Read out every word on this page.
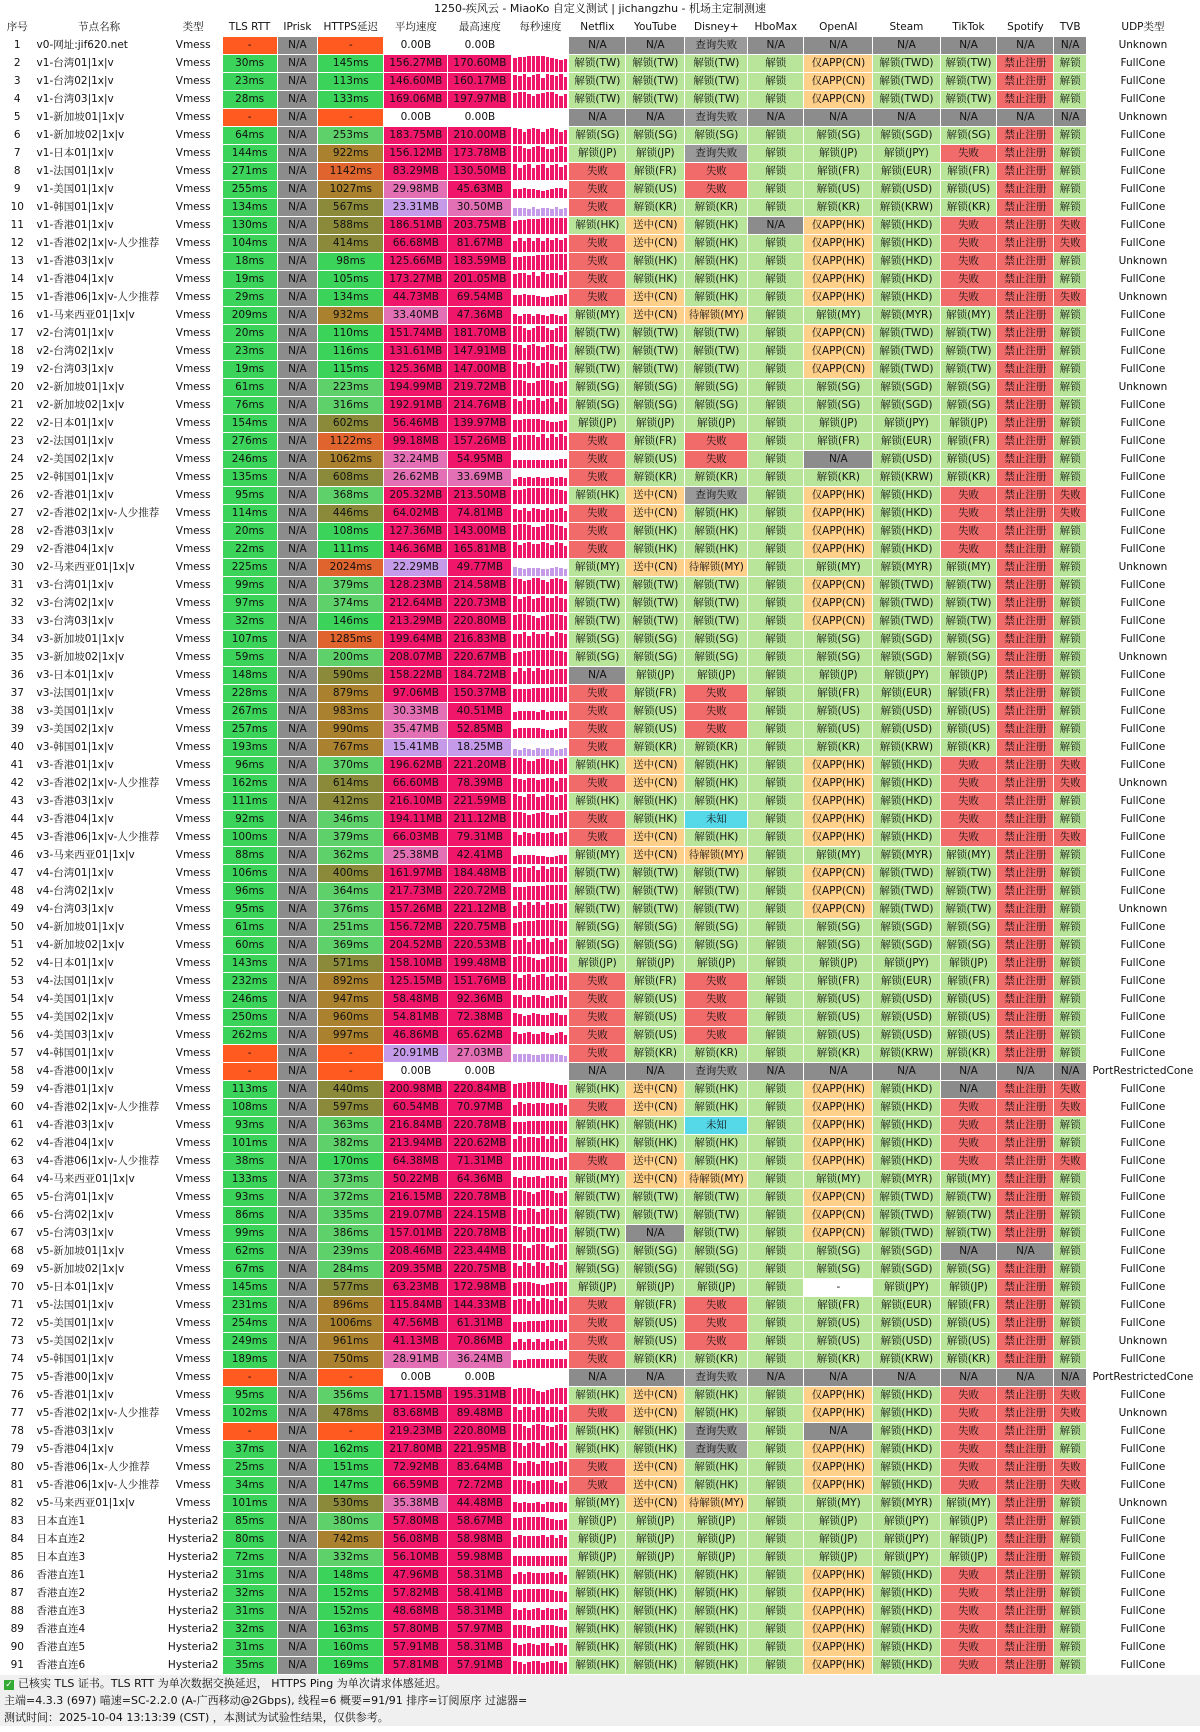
1250-疾风云 - MiaoKo 自定义测试 | jichangzhu - 机场主定制测速
序号	节点名称	类型	TLS RTT	IPrisk	HTTPS延迟	平均速度	最高速度	每秒速度	Netflix	YouTube	Disney+	HboMax	OpenAI	Steam	TikTok	Spotify	TVB	UDP类型
1	v0-网址:jif620.net	Vmess	-	N/A	-	0.00B	0.00B		N/A	N/A	查询失败	N/A	N/A	N/A	N/A	N/A	N/A	Unknown
2	v1-台湾01|1x|v	Vmess	30ms	N/A	145ms	156.27MB	170.60MB		解锁(TW)	解锁(TW)	解锁(TW)	解锁	仅APP(CN)	解锁(TWD)	解锁(TW)	禁止注册	解锁	FullCone
3	v1-台湾02|1x|v	Vmess	23ms	N/A	113ms	146.60MB	160.17MB		解锁(TW)	解锁(TW)	解锁(TW)	解锁	仅APP(CN)	解锁(TWD)	解锁(TW)	禁止注册	解锁	FullCone
4	v1-台湾03|1x|v	Vmess	28ms	N/A	133ms	169.06MB	197.97MB		解锁(TW)	解锁(TW)	解锁(TW)	解锁	仅APP(CN)	解锁(TWD)	解锁(TW)	禁止注册	解锁	FullCone
5	v1-新加坡01|1x|v	Vmess	-	N/A	-	0.00B	0.00B		N/A	N/A	查询失败	N/A	N/A	N/A	N/A	N/A	N/A	Unknown
6	v1-新加坡02|1x|v	Vmess	64ms	N/A	253ms	183.75MB	210.00MB		解锁(SG)	解锁(SG)	解锁(SG)	解锁	解锁(SG)	解锁(SGD)	解锁(SG)	禁止注册	解锁	FullCone
7	v1-日本01|1x|v	Vmess	144ms	N/A	922ms	156.12MB	173.78MB		解锁(JP)	解锁(JP)	查询失败	解锁	解锁(JP)	解锁(JPY)	失败	禁止注册	解锁	FullCone
8	v1-法国01|1x|v	Vmess	271ms	N/A	1142ms	83.29MB	130.50MB		失败	解锁(FR)	失败	解锁	解锁(FR)	解锁(EUR)	解锁(FR)	禁止注册	解锁	FullCone
9	v1-美国01|1x|v	Vmess	255ms	N/A	1027ms	29.98MB	45.63MB		失败	解锁(US)	失败	解锁	解锁(US)	解锁(USD)	解锁(US)	禁止注册	解锁	FullCone
10	v1-韩国01|1x|v	Vmess	134ms	N/A	567ms	23.31MB	30.50MB		失败	解锁(KR)	解锁(KR)	解锁	解锁(KR)	解锁(KRW)	解锁(KR)	禁止注册	解锁	FullCone
11	v1-香港01|1x|v	Vmess	130ms	N/A	588ms	186.51MB	203.75MB		解锁(HK)	送中(CN)	解锁(HK)	N/A	仅APP(HK)	解锁(HKD)	失败	禁止注册	失败	FullCone
12	v1-香港02|1x|v-人少推荐	Vmess	104ms	N/A	414ms	66.68MB	81.67MB		失败	送中(CN)	解锁(HK)	解锁	仅APP(HK)	解锁(HKD)	失败	禁止注册	失败	FullCone
13	v1-香港03|1x|v	Vmess	18ms	N/A	98ms	125.66MB	183.59MB		失败	解锁(HK)	解锁(HK)	解锁	仅APP(HK)	解锁(HKD)	失败	禁止注册	解锁	Unknown
14	v1-香港04|1x|v	Vmess	19ms	N/A	105ms	173.27MB	201.05MB		失败	解锁(HK)	解锁(HK)	解锁	仅APP(HK)	解锁(HKD)	失败	禁止注册	解锁	FullCone
15	v1-香港06|1x|v-人少推荐	Vmess	29ms	N/A	134ms	44.73MB	69.54MB		失败	送中(CN)	解锁(HK)	解锁	仅APP(HK)	解锁(HKD)	失败	禁止注册	失败	Unknown
16	v1-马来西亚01|1x|v	Vmess	209ms	N/A	932ms	33.40MB	47.36MB		解锁(MY)	送中(CN)	待解锁(MY)	解锁	解锁(MY)	解锁(MYR)	解锁(MY)	禁止注册	解锁	FullCone
17	v2-台湾01|1x|v	Vmess	20ms	N/A	110ms	151.74MB	181.70MB		解锁(TW)	解锁(TW)	解锁(TW)	解锁	仅APP(CN)	解锁(TWD)	解锁(TW)	禁止注册	解锁	FullCone
18	v2-台湾02|1x|v	Vmess	23ms	N/A	116ms	131.61MB	147.91MB		解锁(TW)	解锁(TW)	解锁(TW)	解锁	仅APP(CN)	解锁(TWD)	解锁(TW)	禁止注册	解锁	FullCone
19	v2-台湾03|1x|v	Vmess	19ms	N/A	115ms	125.36MB	147.00MB		解锁(TW)	解锁(TW)	解锁(TW)	解锁	仅APP(CN)	解锁(TWD)	解锁(TW)	禁止注册	解锁	FullCone
20	v2-新加坡01|1x|v	Vmess	61ms	N/A	223ms	194.99MB	219.72MB		解锁(SG)	解锁(SG)	解锁(SG)	解锁	解锁(SG)	解锁(SGD)	解锁(SG)	禁止注册	解锁	Unknown
21	v2-新加坡02|1x|v	Vmess	76ms	N/A	316ms	192.91MB	214.76MB		解锁(SG)	解锁(SG)	解锁(SG)	解锁	解锁(SG)	解锁(SGD)	解锁(SG)	禁止注册	解锁	FullCone
22	v2-日本01|1x|v	Vmess	154ms	N/A	602ms	56.46MB	139.97MB		解锁(JP)	解锁(JP)	解锁(JP)	解锁	解锁(JP)	解锁(JPY)	解锁(JP)	禁止注册	解锁	FullCone
23	v2-法国01|1x|v	Vmess	276ms	N/A	1122ms	99.18MB	157.26MB		失败	解锁(FR)	失败	解锁	解锁(FR)	解锁(EUR)	解锁(FR)	禁止注册	解锁	FullCone
24	v2-美国02|1x|v	Vmess	246ms	N/A	1062ms	32.24MB	54.95MB		失败	解锁(US)	失败	解锁	N/A	解锁(USD)	解锁(US)	禁止注册	解锁	FullCone
25	v2-韩国01|1x|v	Vmess	135ms	N/A	608ms	26.62MB	33.69MB		失败	解锁(KR)	解锁(KR)	解锁	解锁(KR)	解锁(KRW)	解锁(KR)	禁止注册	解锁	FullCone
26	v2-香港01|1x|v	Vmess	95ms	N/A	368ms	205.32MB	213.50MB		解锁(HK)	送中(CN)	查询失败	解锁	仅APP(HK)	解锁(HKD)	失败	禁止注册	失败	FullCone
27	v2-香港02|1x|v-人少推荐	Vmess	114ms	N/A	446ms	64.02MB	74.81MB		失败	送中(CN)	解锁(HK)	解锁	仅APP(HK)	解锁(HKD)	失败	禁止注册	失败	FullCone
28	v2-香港03|1x|v	Vmess	20ms	N/A	108ms	127.36MB	143.00MB		失败	解锁(HK)	解锁(HK)	解锁	仅APP(HK)	解锁(HKD)	失败	禁止注册	解锁	FullCone
29	v2-香港04|1x|v	Vmess	22ms	N/A	111ms	146.36MB	165.81MB		失败	解锁(HK)	解锁(HK)	解锁	仅APP(HK)	解锁(HKD)	失败	禁止注册	解锁	FullCone
30	v2-马来西亚01|1x|v	Vmess	225ms	N/A	2024ms	22.29MB	49.77MB		解锁(MY)	送中(CN)	待解锁(MY)	解锁	解锁(MY)	解锁(MYR)	解锁(MY)	禁止注册	解锁	Unknown
31	v3-台湾01|1x|v	Vmess	99ms	N/A	379ms	128.23MB	214.58MB		解锁(TW)	解锁(TW)	解锁(TW)	解锁	仅APP(CN)	解锁(TWD)	解锁(TW)	禁止注册	解锁	FullCone
32	v3-台湾02|1x|v	Vmess	97ms	N/A	374ms	212.64MB	220.73MB		解锁(TW)	解锁(TW)	解锁(TW)	解锁	仅APP(CN)	解锁(TWD)	解锁(TW)	禁止注册	解锁	FullCone
33	v3-台湾03|1x|v	Vmess	32ms	N/A	146ms	213.29MB	220.80MB		解锁(TW)	解锁(TW)	解锁(TW)	解锁	仅APP(CN)	解锁(TWD)	解锁(TW)	禁止注册	解锁	FullCone
34	v3-新加坡01|1x|v	Vmess	107ms	N/A	1285ms	199.64MB	216.83MB		解锁(SG)	解锁(SG)	解锁(SG)	解锁	解锁(SG)	解锁(SGD)	解锁(SG)	禁止注册	解锁	FullCone
35	v3-新加坡02|1x|v	Vmess	59ms	N/A	200ms	208.07MB	220.67MB		解锁(SG)	解锁(SG)	解锁(SG)	解锁	解锁(SG)	解锁(SGD)	解锁(SG)	禁止注册	解锁	Unknown
36	v3-日本01|1x|v	Vmess	148ms	N/A	590ms	158.22MB	184.72MB		N/A	解锁(JP)	解锁(JP)	解锁	解锁(JP)	解锁(JPY)	解锁(JP)	禁止注册	解锁	FullCone
37	v3-法国01|1x|v	Vmess	228ms	N/A	879ms	97.06MB	150.37MB		失败	解锁(FR)	失败	解锁	解锁(FR)	解锁(EUR)	解锁(FR)	禁止注册	解锁	FullCone
38	v3-美国01|1x|v	Vmess	267ms	N/A	983ms	30.33MB	40.51MB		失败	解锁(US)	失败	解锁	解锁(US)	解锁(USD)	解锁(US)	禁止注册	解锁	FullCone
39	v3-美国02|1x|v	Vmess	257ms	N/A	990ms	35.47MB	52.85MB		失败	解锁(US)	失败	解锁	解锁(US)	解锁(USD)	解锁(US)	禁止注册	解锁	FullCone
40	v3-韩国01|1x|v	Vmess	193ms	N/A	767ms	15.41MB	18.25MB		失败	解锁(KR)	解锁(KR)	解锁	解锁(KR)	解锁(KRW)	解锁(KR)	禁止注册	解锁	FullCone
41	v3-香港01|1x|v	Vmess	96ms	N/A	370ms	196.62MB	221.20MB		解锁(HK)	送中(CN)	解锁(HK)	解锁	仅APP(HK)	解锁(HKD)	失败	禁止注册	失败	FullCone
42	v3-香港02|1x|v-人少推荐	Vmess	162ms	N/A	614ms	66.60MB	78.39MB		失败	送中(CN)	解锁(HK)	解锁	仅APP(HK)	解锁(HKD)	失败	禁止注册	失败	Unknown
43	v3-香港03|1x|v	Vmess	111ms	N/A	412ms	216.10MB	221.59MB		解锁(HK)	解锁(HK)	解锁(HK)	解锁	仅APP(HK)	解锁(HKD)	失败	禁止注册	解锁	FullCone
44	v3-香港04|1x|v	Vmess	92ms	N/A	346ms	194.11MB	211.12MB		失败	解锁(HK)	未知	解锁	仅APP(HK)	解锁(HKD)	失败	禁止注册	解锁	FullCone
45	v3-香港06|1x|v-人少推荐	Vmess	100ms	N/A	379ms	66.03MB	79.31MB		失败	送中(CN)	解锁(HK)	解锁	仅APP(HK)	解锁(HKD)	失败	禁止注册	失败	FullCone
46	v3-马来西亚01|1x|v	Vmess	88ms	N/A	362ms	25.38MB	42.41MB		解锁(MY)	送中(CN)	待解锁(MY)	解锁	解锁(MY)	解锁(MYR)	解锁(MY)	禁止注册	解锁	FullCone
47	v4-台湾01|1x|v	Vmess	106ms	N/A	400ms	161.97MB	184.48MB		解锁(TW)	解锁(TW)	解锁(TW)	解锁	仅APP(CN)	解锁(TWD)	解锁(TW)	禁止注册	解锁	FullCone
48	v4-台湾02|1x|v	Vmess	96ms	N/A	364ms	217.73MB	220.72MB		解锁(TW)	解锁(TW)	解锁(TW)	解锁	仅APP(CN)	解锁(TWD)	解锁(TW)	禁止注册	解锁	FullCone
49	v4-台湾03|1x|v	Vmess	95ms	N/A	376ms	157.26MB	221.12MB		解锁(TW)	解锁(TW)	解锁(TW)	解锁	仅APP(CN)	解锁(TWD)	解锁(TW)	禁止注册	解锁	Unknown
50	v4-新加坡01|1x|v	Vmess	61ms	N/A	251ms	156.72MB	220.75MB		解锁(SG)	解锁(SG)	解锁(SG)	解锁	解锁(SG)	解锁(SGD)	解锁(SG)	禁止注册	解锁	FullCone
51	v4-新加坡02|1x|v	Vmess	60ms	N/A	369ms	204.52MB	220.53MB		解锁(SG)	解锁(SG)	解锁(SG)	解锁	解锁(SG)	解锁(SGD)	解锁(SG)	禁止注册	解锁	FullCone
52	v4-日本01|1x|v	Vmess	143ms	N/A	571ms	158.10MB	199.48MB		解锁(JP)	解锁(JP)	解锁(JP)	解锁	解锁(JP)	解锁(JPY)	解锁(JP)	禁止注册	解锁	FullCone
53	v4-法国01|1x|v	Vmess	232ms	N/A	892ms	125.15MB	151.76MB		失败	解锁(FR)	失败	解锁	解锁(FR)	解锁(EUR)	解锁(FR)	禁止注册	解锁	FullCone
54	v4-美国01|1x|v	Vmess	246ms	N/A	947ms	58.48MB	92.36MB		失败	解锁(US)	失败	解锁	解锁(US)	解锁(USD)	解锁(US)	禁止注册	解锁	FullCone
55	v4-美国02|1x|v	Vmess	250ms	N/A	960ms	54.81MB	72.38MB		失败	解锁(US)	失败	解锁	解锁(US)	解锁(USD)	解锁(US)	禁止注册	解锁	FullCone
56	v4-美国03|1x|v	Vmess	262ms	N/A	997ms	46.86MB	65.62MB		失败	解锁(US)	失败	解锁	解锁(US)	解锁(USD)	解锁(US)	禁止注册	解锁	FullCone
57	v4-韩国01|1x|v	Vmess	-	N/A	-	20.91MB	27.03MB		失败	解锁(KR)	解锁(KR)	解锁	解锁(KR)	解锁(KRW)	解锁(KR)	禁止注册	解锁	FullCone
58	v4-香港00|1x|v	Vmess	-	N/A	-	0.00B	0.00B		N/A	N/A	查询失败	N/A	N/A	N/A	N/A	N/A	N/A	PortRestrictedCone
59	v4-香港01|1x|v	Vmess	113ms	N/A	440ms	200.98MB	220.84MB		解锁(HK)	送中(CN)	解锁(HK)	解锁	仅APP(HK)	解锁(HKD)	N/A	禁止注册	失败	FullCone
60	v4-香港02|1x|v-人少推荐	Vmess	108ms	N/A	597ms	60.54MB	70.97MB		失败	送中(CN)	解锁(HK)	解锁	仅APP(HK)	解锁(HKD)	失败	禁止注册	失败	FullCone
61	v4-香港03|1x|v	Vmess	93ms	N/A	363ms	216.84MB	220.78MB		解锁(HK)	解锁(HK)	未知	解锁	仅APP(HK)	解锁(HKD)	失败	禁止注册	解锁	FullCone
62	v4-香港04|1x|v	Vmess	101ms	N/A	382ms	213.94MB	220.62MB		解锁(HK)	解锁(HK)	解锁(HK)	解锁	仅APP(HK)	解锁(HKD)	失败	禁止注册	解锁	FullCone
63	v4-香港06|1x|v-人少推荐	Vmess	38ms	N/A	170ms	64.38MB	71.31MB		失败	送中(CN)	解锁(HK)	解锁	仅APP(HK)	解锁(HKD)	失败	禁止注册	失败	FullCone
64	v4-马来西亚01|1x|v	Vmess	133ms	N/A	373ms	50.22MB	64.36MB		解锁(MY)	送中(CN)	待解锁(MY)	解锁	解锁(MY)	解锁(MYR)	解锁(MY)	禁止注册	解锁	FullCone
65	v5-台湾01|1x|v	Vmess	93ms	N/A	372ms	216.15MB	220.78MB		解锁(TW)	解锁(TW)	解锁(TW)	解锁	仅APP(CN)	解锁(TWD)	解锁(TW)	禁止注册	解锁	FullCone
66	v5-台湾02|1x|v	Vmess	86ms	N/A	335ms	219.07MB	224.15MB		解锁(TW)	解锁(TW)	解锁(TW)	解锁	仅APP(CN)	解锁(TWD)	解锁(TW)	禁止注册	解锁	FullCone
67	v5-台湾03|1x|v	Vmess	99ms	N/A	386ms	157.01MB	220.78MB		解锁(TW)	N/A	解锁(TW)	解锁	仅APP(CN)	解锁(TWD)	解锁(TW)	禁止注册	解锁	FullCone
68	v5-新加坡01|1x|v	Vmess	62ms	N/A	239ms	208.46MB	223.44MB		解锁(SG)	解锁(SG)	解锁(SG)	解锁	解锁(SG)	解锁(SGD)	N/A	N/A	解锁	FullCone
69	v5-新加坡02|1x|v	Vmess	67ms	N/A	284ms	209.35MB	220.75MB		解锁(SG)	解锁(SG)	解锁(SG)	解锁	解锁(SG)	解锁(SGD)	解锁(SG)	禁止注册	解锁	FullCone
70	v5-日本01|1x|v	Vmess	145ms	N/A	577ms	63.23MB	172.98MB		解锁(JP)	解锁(JP)	解锁(JP)	解锁	-	解锁(JPY)	解锁(JP)	禁止注册	解锁	FullCone
71	v5-法国01|1x|v	Vmess	231ms	N/A	896ms	115.84MB	144.33MB		失败	解锁(FR)	失败	解锁	解锁(FR)	解锁(EUR)	解锁(FR)	禁止注册	解锁	FullCone
72	v5-美国01|1x|v	Vmess	254ms	N/A	1006ms	47.56MB	61.31MB		失败	解锁(US)	失败	解锁	解锁(US)	解锁(USD)	解锁(US)	禁止注册	解锁	FullCone
73	v5-美国02|1x|v	Vmess	249ms	N/A	961ms	41.13MB	70.86MB		失败	解锁(US)	失败	解锁	解锁(US)	解锁(USD)	解锁(US)	禁止注册	解锁	Unknown
74	v5-韩国01|1x|v	Vmess	189ms	N/A	750ms	28.91MB	36.24MB		失败	解锁(KR)	解锁(KR)	解锁	解锁(KR)	解锁(KRW)	解锁(KR)	禁止注册	解锁	FullCone
75	v5-香港00|1x|v	Vmess	-	N/A	-	0.00B	0.00B		N/A	N/A	查询失败	N/A	N/A	N/A	N/A	N/A	N/A	PortRestrictedCone
76	v5-香港01|1x|v	Vmess	95ms	N/A	356ms	171.15MB	195.31MB		解锁(HK)	送中(CN)	解锁(HK)	解锁	仅APP(HK)	解锁(HKD)	失败	禁止注册	失败	FullCone
77	v5-香港02|1x|v-人少推荐	Vmess	102ms	N/A	478ms	83.68MB	89.48MB		失败	送中(CN)	解锁(HK)	解锁	仅APP(HK)	解锁(HKD)	失败	禁止注册	失败	Unknown
78	v5-香港03|1x|v	Vmess	-	N/A	-	219.23MB	220.80MB		解锁(HK)	解锁(HK)	查询失败	解锁	N/A	解锁(HKD)	失败	禁止注册	解锁	FullCone
79	v5-香港04|1x|v	Vmess	37ms	N/A	162ms	217.80MB	221.95MB		解锁(HK)	解锁(HK)	查询失败	解锁	仅APP(HK)	解锁(HKD)	失败	禁止注册	解锁	FullCone
80	v5-香港06|1x-人少推荐	Vmess	25ms	N/A	151ms	72.92MB	83.64MB		失败	送中(CN)	解锁(HK)	解锁	仅APP(HK)	解锁(HKD)	失败	禁止注册	失败	FullCone
81	v5-香港06|1x|v-人少推荐	Vmess	34ms	N/A	147ms	66.59MB	72.72MB		失败	送中(CN)	解锁(HK)	解锁	仅APP(HK)	解锁(HKD)	失败	禁止注册	失败	FullCone
82	v5-马来西亚01|1x|v	Vmess	101ms	N/A	530ms	35.38MB	44.48MB		解锁(MY)	送中(CN)	待解锁(MY)	解锁	解锁(MY)	解锁(MYR)	解锁(MY)	禁止注册	解锁	Unknown
83	日本直连1	Hysteria2	85ms	N/A	380ms	57.80MB	58.67MB		解锁(JP)	解锁(JP)	解锁(JP)	解锁	解锁(JP)	解锁(JPY)	解锁(JP)	禁止注册	解锁	FullCone
84	日本直连2	Hysteria2	80ms	N/A	742ms	56.08MB	58.98MB		解锁(JP)	解锁(JP)	解锁(JP)	解锁	解锁(JP)	解锁(JPY)	解锁(JP)	禁止注册	解锁	FullCone
85	日本直连3	Hysteria2	72ms	N/A	332ms	56.10MB	59.98MB		解锁(JP)	解锁(JP)	解锁(JP)	解锁	解锁(JP)	解锁(JPY)	解锁(JP)	禁止注册	解锁	FullCone
86	香港直连1	Hysteria2	31ms	N/A	148ms	47.96MB	58.31MB		解锁(HK)	解锁(HK)	解锁(HK)	解锁	仅APP(HK)	解锁(HKD)	失败	禁止注册	解锁	FullCone
87	香港直连2	Hysteria2	32ms	N/A	152ms	57.82MB	58.41MB		解锁(HK)	解锁(HK)	解锁(HK)	解锁	仅APP(HK)	解锁(HKD)	失败	禁止注册	解锁	FullCone
88	香港直连3	Hysteria2	31ms	N/A	152ms	48.68MB	58.31MB		解锁(HK)	解锁(HK)	解锁(HK)	解锁	仅APP(HK)	解锁(HKD)	失败	禁止注册	解锁	FullCone
89	香港直连4	Hysteria2	32ms	N/A	163ms	57.80MB	57.97MB		解锁(HK)	解锁(HK)	解锁(HK)	解锁	仅APP(HK)	解锁(HKD)	失败	禁止注册	解锁	FullCone
90	香港直连5	Hysteria2	31ms	N/A	160ms	57.91MB	58.31MB		解锁(HK)	解锁(HK)	解锁(HK)	解锁	仅APP(HK)	解锁(HKD)	失败	禁止注册	解锁	FullCone
91	香港直连6	Hysteria2	35ms	N/A	169ms	57.81MB	57.91MB		解锁(HK)	解锁(HK)	解锁(HK)	解锁	仅APP(HK)	解锁(HKD)	失败	禁止注册	解锁	FullCone
✓ 已核实 TLS 证书。TLS RTT 为单次数据交换延迟， HTTPS Ping 为单次请求体感延迟。
主端=4.3.3 (697) 喵速=SC-2.2.0 (A-广西移动@2Gbps), 线程=6 概要=91/91 排序=订阅原序 过滤器=
测试时间：2025-10-04 13:13:39 (CST) ，本测试为试验性结果，仅供参考。
